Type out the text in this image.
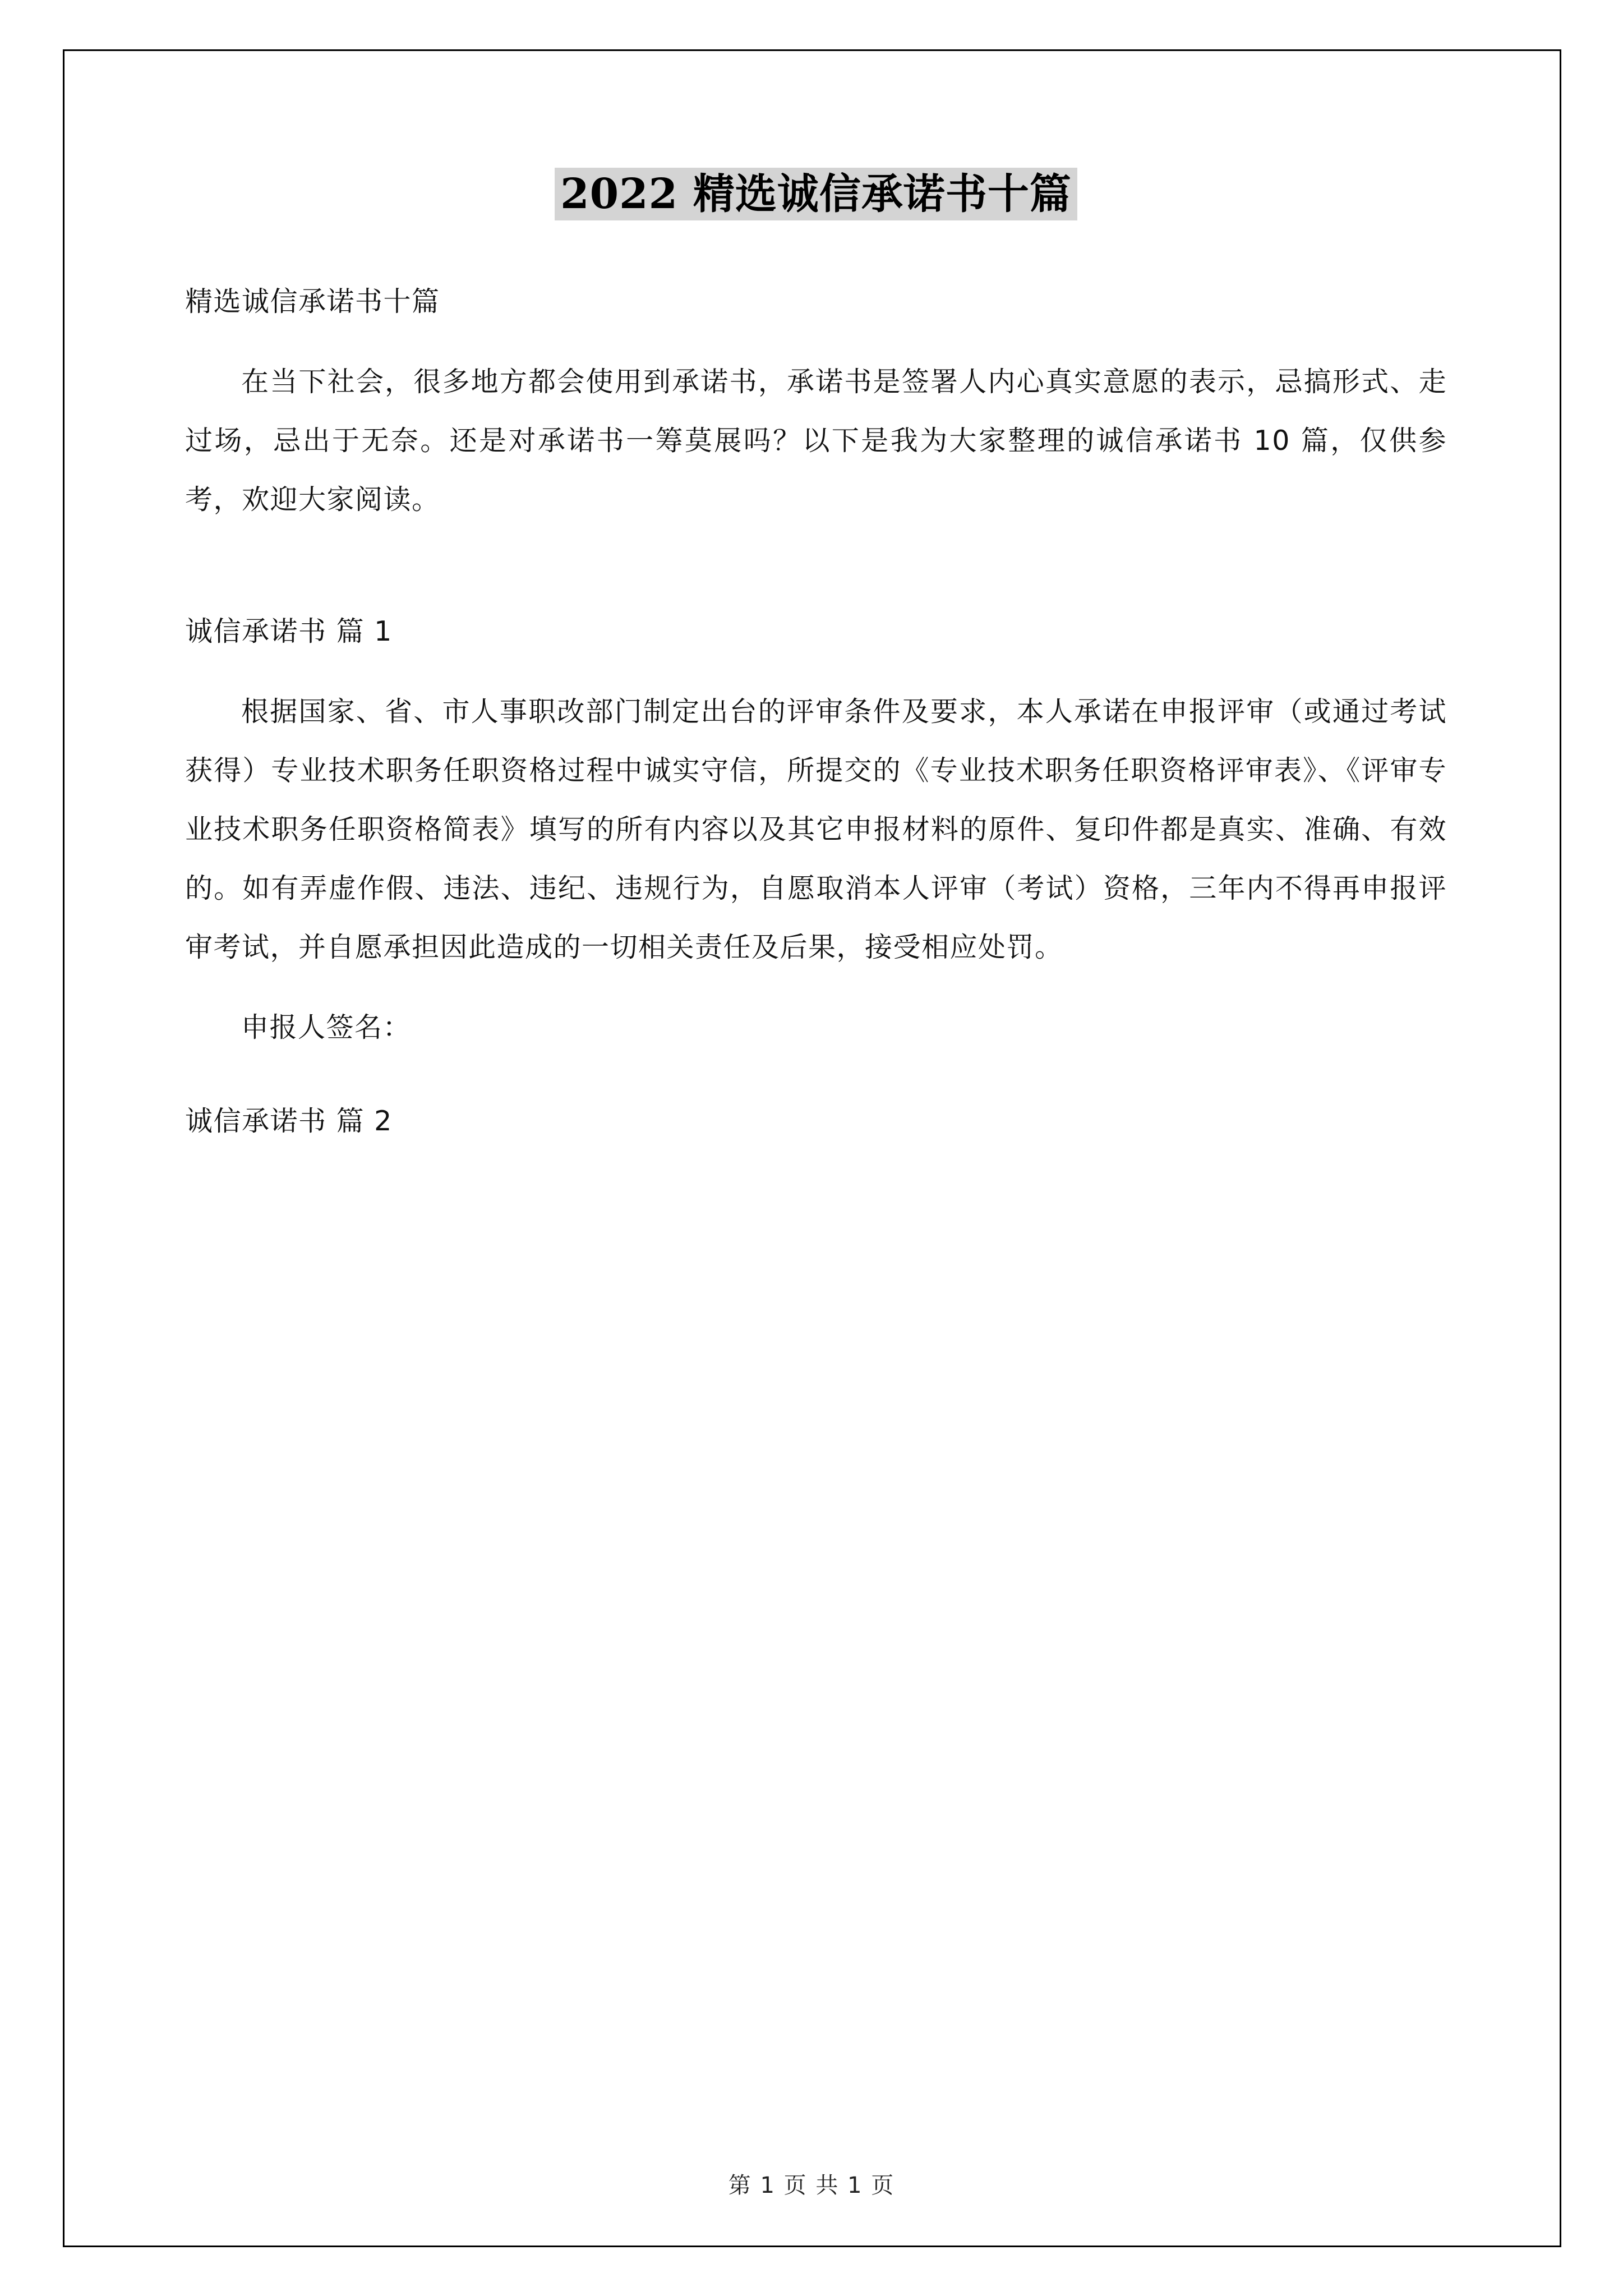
2022 精选诚信承诺书十篇

精选诚信承诺书十篇

在当下社会，很多地方都会使用到承诺书，承诺书是签署人内心真实意愿的表示，忌搞形式、走过场，忌出于无奈。还是对承诺书一筹莫展吗？以下是我为大家整理的诚信承诺书 10 篇，仅供参考，欢迎大家阅读。

诚信承诺书 篇 1

根据国家、省、市人事职改部门制定出台的评审条件及要求，本人承诺在申报评审（或通过考试获得）专业技术职务任职资格过程中诚实守信，所提交的《专业技术职务任职资格评审表》、《评审专业技术职务任职资格简表》填写的所有内容以及其它申报材料的原件、复印件都是真实、准确、有效的。如有弄虚作假、违法、违纪、违规行为，自愿取消本人评审（考试）资格，三年内不得再申报评审考试，并自愿承担因此造成的一切相关责任及后果，接受相应处罚。

申报人签名：

诚信承诺书 篇 2

第 1 页 共 1 页
